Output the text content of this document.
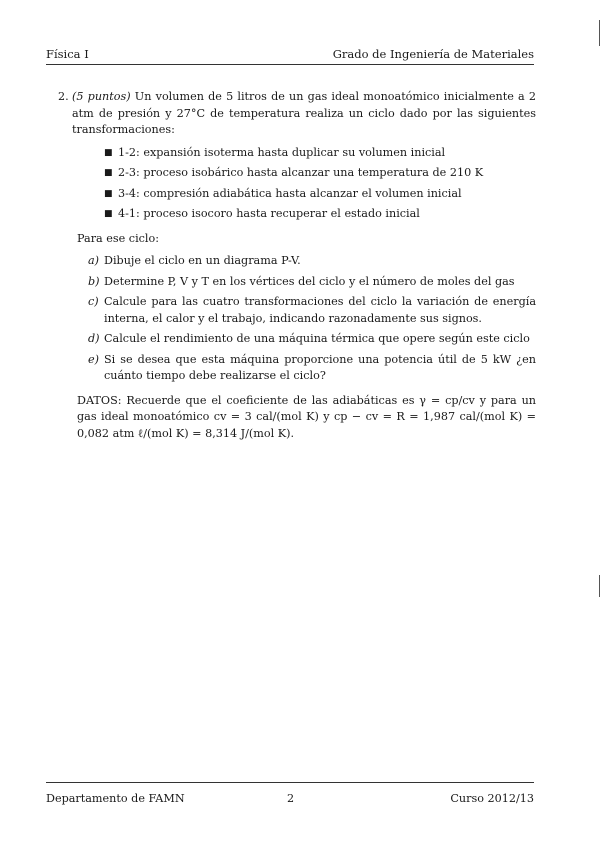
Física I	Grado de Ingeniería de Materiales
2. (5 puntos) Un volumen de 5 litros de un gas ideal monoatómico inicialmente a 2 atm de presión y 27°C de temperatura realiza un ciclo dado por las siguientes transformaciones:
■ 1-2: expansión isoterma hasta duplicar su volumen inicial
■ 2-3: proceso isobárico hasta alcanzar una temperatura de 210 K
■ 3-4: compresión adiabática hasta alcanzar el volumen inicial
■ 4-1: proceso isocoro hasta recuperar el estado inicial
Para ese ciclo:
a) Dibuje el ciclo en un diagrama P-V.
b) Determine P, V y T en los vértices del ciclo y el número de moles del gas
c) Calcule para las cuatro transformaciones del ciclo la variación de energía interna, el calor y el trabajo, indicando razonadamente sus signos.
d) Calcule el rendimiento de una máquina térmica que opere según este ciclo
e) Si se desea que esta máquina proporcione una potencia útil de 5 kW ¿en cuánto tiempo debe realizarse el ciclo?
DATOS: Recuerde que el coeficiente de las adiabáticas es γ = cp/cv y para un gas ideal monoatómico cv = 3 cal/(mol K) y cp − cv = R = 1,987 cal/(mol K) = 0,082 atm ℓ/(mol K) = 8,314 J/(mol K).
Departamento de FAMN	2	Curso 2012/13
